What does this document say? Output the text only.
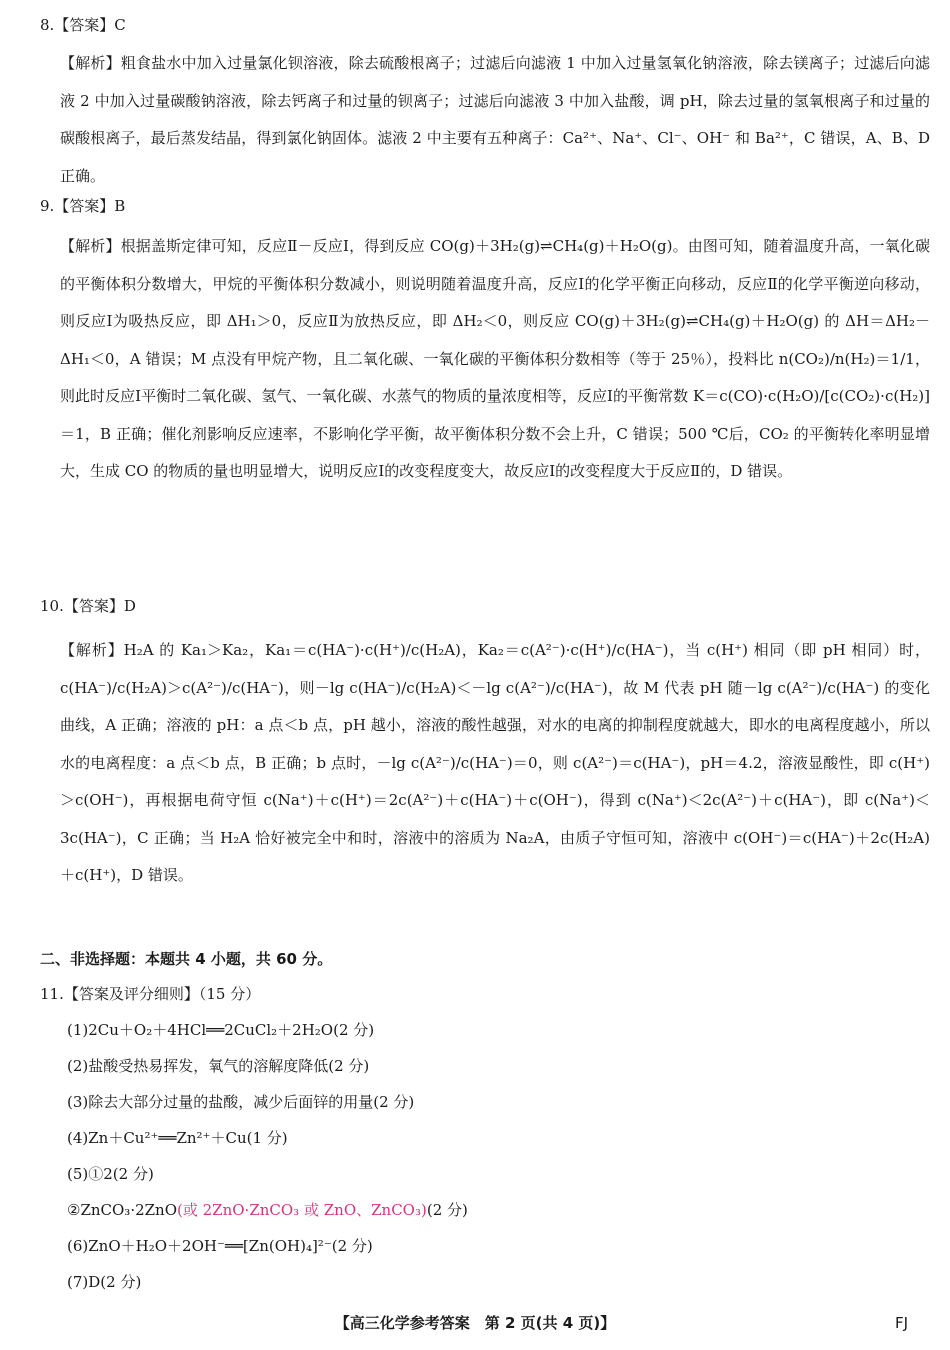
8.【答案】C
【解析】粗食盐水中加入过量氯化钡溶液，除去硫酸根离子；过滤后向滤液 1 中加入过量氢氧化钠溶液，除去镁离子；过滤后向滤液 2 中加入过量碳酸钠溶液，除去钙离子和过量的钡离子；过滤后向滤液 3 中加入盐酸，调 pH，除去过量的氢氧根离子和过量的碳酸根离子，最后蒸发结晶，得到氯化钠固体。滤液 2 中主要有五种离子：Ca²⁺、Na⁺、Cl⁻、OH⁻ 和 Ba²⁺，C 错误，A、B、D 正确。
9.【答案】B
【解析】根据盖斯定律可知，反应Ⅱ－反应Ⅰ，得到反应 CO(g)＋3H₂(g)⇌CH₄(g)＋H₂O(g)。由图可知，随着温度升高，一氧化碳的平衡体积分数增大，甲烷的平衡体积分数减小，则说明随着温度升高，反应Ⅰ的化学平衡正向移动，反应Ⅱ的化学平衡逆向移动，则反应Ⅰ为吸热反应，即 ΔH₁＞0，反应Ⅱ为放热反应，即 ΔH₂＜0，则反应 CO(g)＋3H₂(g)⇌CH₄(g)＋H₂O(g) 的 ΔH＝ΔH₂－ΔH₁＜0，A 错误；M 点没有甲烷产物，且二氧化碳、一氧化碳的平衡体积分数相等（等于 25％），投料比 n(CO₂)/n(H₂)＝1/1，则此时反应Ⅰ平衡时二氧化碳、氢气、一氧化碳、水蒸气的物质的量浓度相等，反应Ⅰ的平衡常数 K＝c(CO)·c(H₂O)/[c(CO₂)·c(H₂)]＝1，B 正确；催化剂影响反应速率，不影响化学平衡，故平衡体积分数不会上升，C 错误；500 ℃后，CO₂ 的平衡转化率明显增大，生成 CO 的物质的量也明显增大，说明反应Ⅰ的改变程度变大，故反应Ⅰ的改变程度大于反应Ⅱ的，D 错误。
10.【答案】D
【解析】H₂A 的 Ka₁＞Ka₂，Ka₁＝c(HA⁻)·c(H⁺)/c(H₂A)，Ka₂＝c(A²⁻)·c(H⁺)/c(HA⁻)，当 c(H⁺) 相同（即 pH 相同）时，c(HA⁻)/c(H₂A)＞c(A²⁻)/c(HA⁻)，则－lg c(HA⁻)/c(H₂A)＜－lg c(A²⁻)/c(HA⁻)，故 M 代表 pH 随－lg c(A²⁻)/c(HA⁻) 的变化曲线，A 正确；溶液的 pH：a 点＜b 点，pH 越小，溶液的酸性越强，对水的电离的抑制程度就越大，即水的电离程度越小，所以水的电离程度：a 点＜b 点，B 正确；b 点时，－lg c(A²⁻)/c(HA⁻)＝0，则 c(A²⁻)＝c(HA⁻)，pH＝4.2，溶液显酸性，即 c(H⁺)＞c(OH⁻)，再根据电荷守恒 c(Na⁺)＋c(H⁺)＝2c(A²⁻)＋c(HA⁻)＋c(OH⁻)，得到 c(Na⁺)＜2c(A²⁻)＋c(HA⁻)，即 c(Na⁺)＜3c(HA⁻)，C 正确；当 H₂A 恰好被完全中和时，溶液中的溶质为 Na₂A，由质子守恒可知，溶液中 c(OH⁻)＝c(HA⁻)＋2c(H₂A)＋c(H⁺)，D 错误。
二、非选择题：本题共 4 小题，共 60 分。
11.【答案及评分细则】（15 分）
(1)2Cu＋O₂＋4HCl══2CuCl₂＋2H₂O(2 分)
(2)盐酸受热易挥发，氧气的溶解度降低(2 分)
(3)除去大部分过量的盐酸，减少后面锌的用量(2 分)
(4)Zn＋Cu²⁺══Zn²⁺＋Cu(1 分)
(5)①2(2 分)
②ZnCO₃·2ZnO(或 2ZnO·ZnCO₃ 或 ZnO、ZnCO₃)(2 分)
(6)ZnO＋H₂O＋2OH⁻══[Zn(OH)₄]²⁻(2 分)
(7)D(2 分)
【高三化学参考答案　第 2 页(共 4 页)】	FJ
